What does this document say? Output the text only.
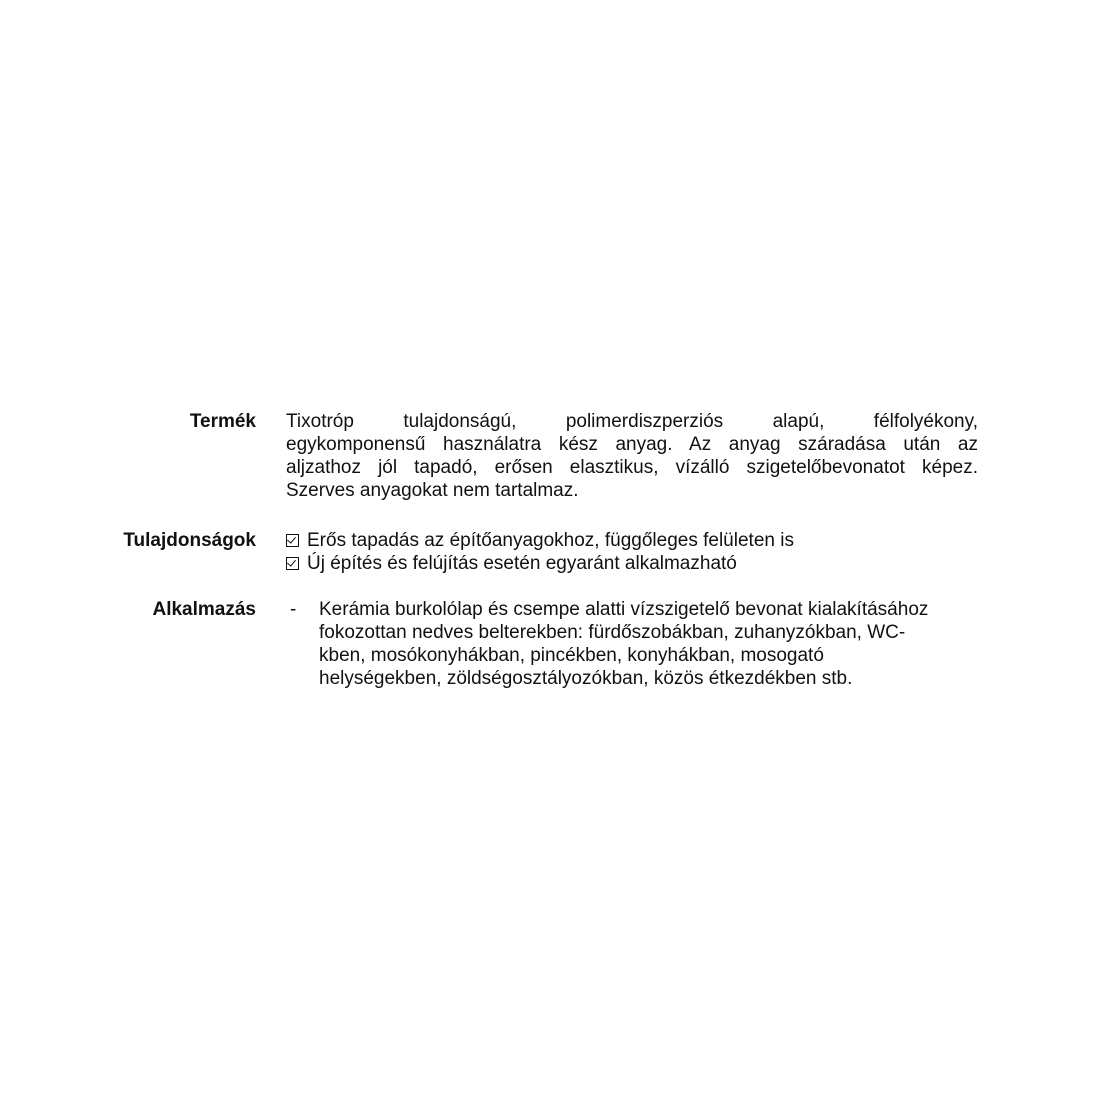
Termék Tixotróp tulajdonságú, polimerdiszperziós alapú, félfolyékony,
egykomponensű használatra kész anyag. Az anyag száradása után az
aljzathoz jól tapadó, erősen elasztikus, vízálló szigetelőbevonatot képez.
Szerves anyagokat nem tartalmaz.
Tulajdonságok	Erős tapadás az építőanyagokhoz, függőleges felületen is
Új építés és felújítás esetén egyaránt alkalmazható
Alkalmazás - Kerámia burkolólap és csempe alatti vízszigetelő bevonat kialakításához
fokozottan nedves belterekben: fürdőszobákban, zuhanyzókban, WC-
kben, mosókonyhákban, pincékben, konyhákban, mosogató
helységekben, zöldségosztályozókban, közös étkezdékben stb.
